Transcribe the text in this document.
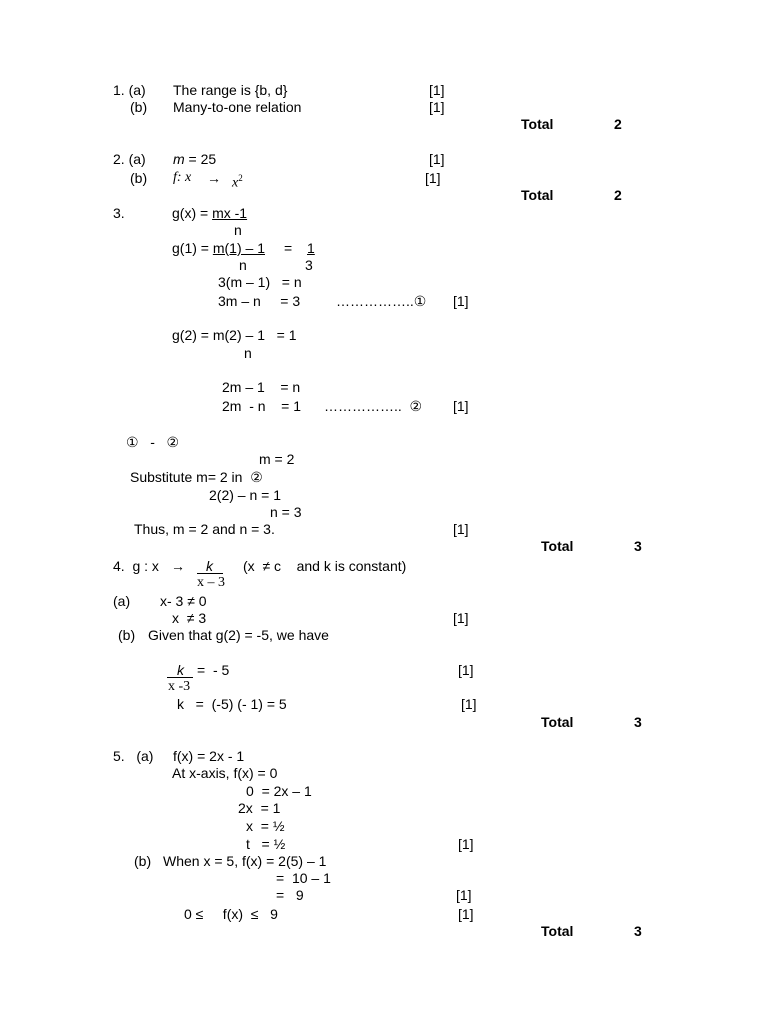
1. (a) The range is {b, d}	[1]
(b) Many-to-one relation	[1]
Total	2
2. (a) m = 25	[1]
(b) f: $x \to x^2$	[1]
Total	2
3.	g(x) = mx -1
n
g(1) = m(1) – 1 = 1
n	3
3(m – 1)   = n
3m – n     = 3	……………..① [1]
g(2) = m(2) – 1   = 1
n
2m – 1    = n
2m  - n    = 1 ……………..  ② [1]
①   -   ②
m = 2
Substitute m= 2 in  ②
2(2) – n = 1
n = 3
Thus, m = 2 and n = 3.	[1]
Total	3
4.  g : x → k (x  ≠ c    and k is constant)
x – 3
(a) x- 3 ≠ 0
x  ≠ 3	[1]
(b) Given that g(2) = -5, we have
k =  - 5
x -3
[1]
k   =  (-5) (- 1) = 5	[1]
Total	3
5.   (a) f(x) = 2x - 1
At x-axis, f(x) = 0
0  = 2x – 1
2x  = 1
x  = ½
t   = ½	[1]
(b) When x = 5, f(x) = 2(5) – 1
=  10 – 1
=   9	[1]
0 ≤     f(x)  ≤   9	[1]
Total	3
